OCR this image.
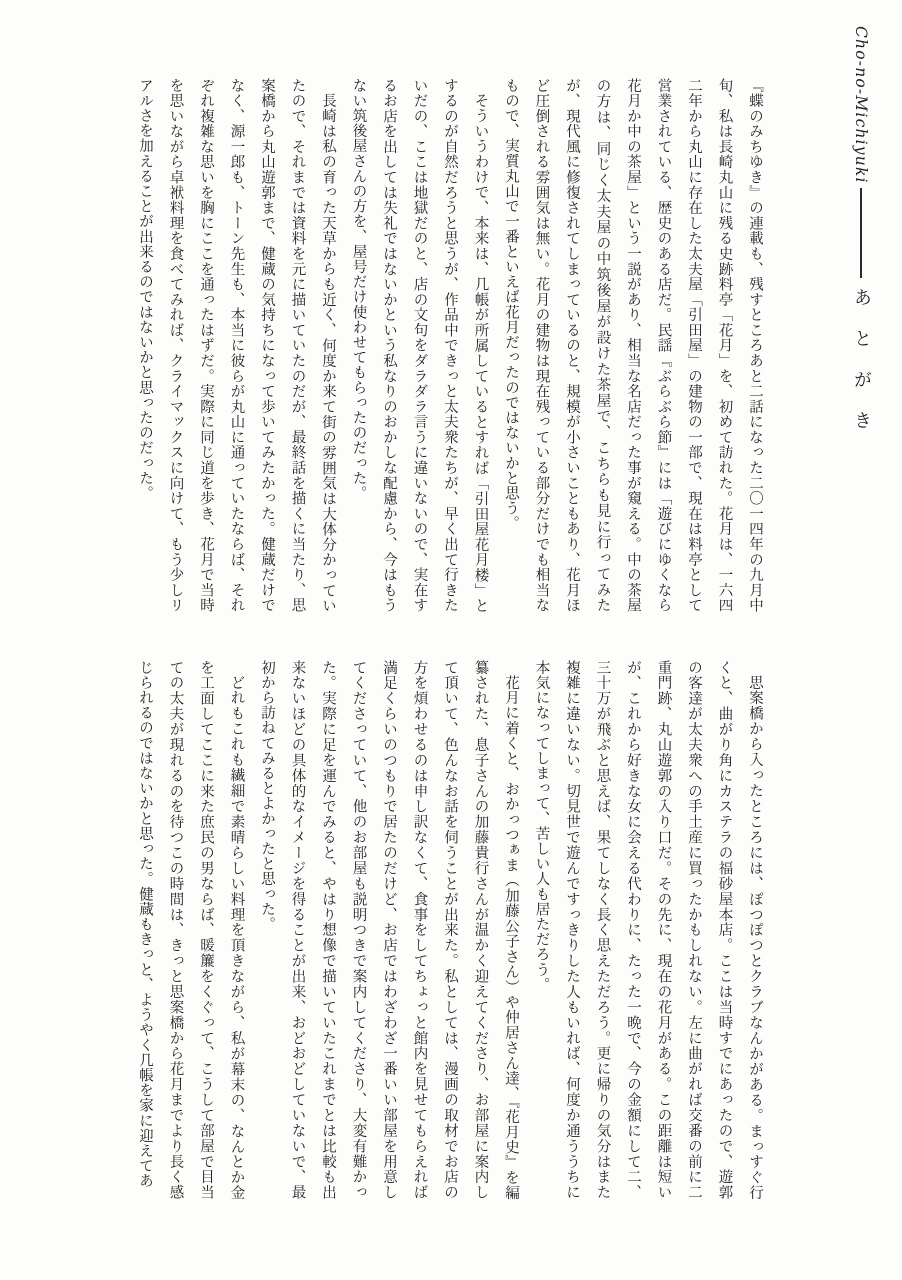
Cho-no-Michiyuki
あとがき

『蝶のみちゆき』の連載も、残すところあと二話になった二〇一四年の九月中旬、私は長崎丸山に残る史跡料亭「花月」を、初めて訪れた。花月は、一六四二年から丸山に存在した太夫屋「引田屋」の建物の一部で、現在は料亭として営業されている、歴史のある店だ。民謡『ぶらぶら節』には「遊びにゆくなら花月か中の茶屋」という一説があり、相当な名店だった事が窺える。中の茶屋の方は、同じく太夫屋の中筑後屋が設けた茶屋で、こちらも見に行ってみたが、現代風に修復されてしまっているのと、規模が小さいこともあり、花月ほど圧倒される雰囲気は無い。花月の建物は現在残っている部分だけでも相当なもので、実質丸山で一番といえば花月だったのではないかと思う。

そういうわけで、本来は、几帳が所属しているとすれば「引田屋花月楼」とするのが自然だろうと思うが、作品中できっと太夫衆たちが、早く出て行きたいだの、ここは地獄だのと、店の文句をダラダラ言うに違いないので、実在するお店を出しては失礼ではないかという私なりのおかしな配慮から、今はもうない筑後屋さんの方を、屋号だけ使わせてもらったのだった。

長崎は私の育った天草からも近く、何度か来て街の雰囲気は大体分かっていたので、それまでは資料を元に描いていたのだが、最終話を描くに当たり、思案橋から丸山遊郭まで、健蔵の気持ちになって歩いてみたかった。健蔵だけでなく、源一郎も、トーン先生も、本当に彼らが丸山に通っていたならば、それぞれ複雑な思いを胸にここを通ったはずだ。実際に同じ道を歩き、花月で当時を思いながら卓袱料理を食べてみれば、クライマックスに向けて、もう少しリアルさを加えることが出来るのではないかと思ったのだった。

思案橋から入ったところには、ぽつぽつとクラブなんかがある。まっすぐ行くと、曲がり角にカステラの福砂屋本店。ここは当時すでにあったので、遊郭の客達が太夫衆への手土産に買ったかもしれない。左に曲がれば交番の前に二重門跡、丸山遊郭の入り口だ。その先に、現在の花月がある。この距離は短いが、これから好きな女に会える代わりに、たった一晩で、今の金額にして二、三十万が飛ぶと思えば、果てしなく長く思えただろう。更に帰りの気分はまた複雑に違いない。切見世で遊んですっきりした人もいれば、何度か通ううちに本気になってしまって、苦しい人も居ただろう。

花月に着くと、おかっつぁま（加藤公子さん）や仲居さん達、『花月史』を編纂された、息子さんの加藤貴行さんが温かく迎えてくださり、お部屋に案内して頂いて、色んなお話を伺うことが出来た。私としては、漫画の取材でお店の方を煩わせるのは申し訳なくて、食事をしてちょっと館内を見せてもらえれば満足くらいのつもりで居たのだけど、お店ではわざわざ一番いい部屋を用意してくださっていて、他のお部屋も説明つきで案内してくださり、大変有難かった。実際に足を運んでみると、やはり想像で描いていたこれまでとは比較も出来ないほどの具体的なイメージを得ることが出来、おどおどしていないで、最初から訪ねてみるとよかったと思った。

どれもこれも繊細で素晴らしい料理を頂きながら、私が幕末の、なんとか金を工面してここに来た庶民の男ならば、暖簾をくぐって、こうして部屋で目当ての太夫が現れるのを待つこの時間は、きっと思案橋から花月までより長く感じられるのではないかと思った。健蔵もきっと、ようやく几帳を家に迎えてあ
